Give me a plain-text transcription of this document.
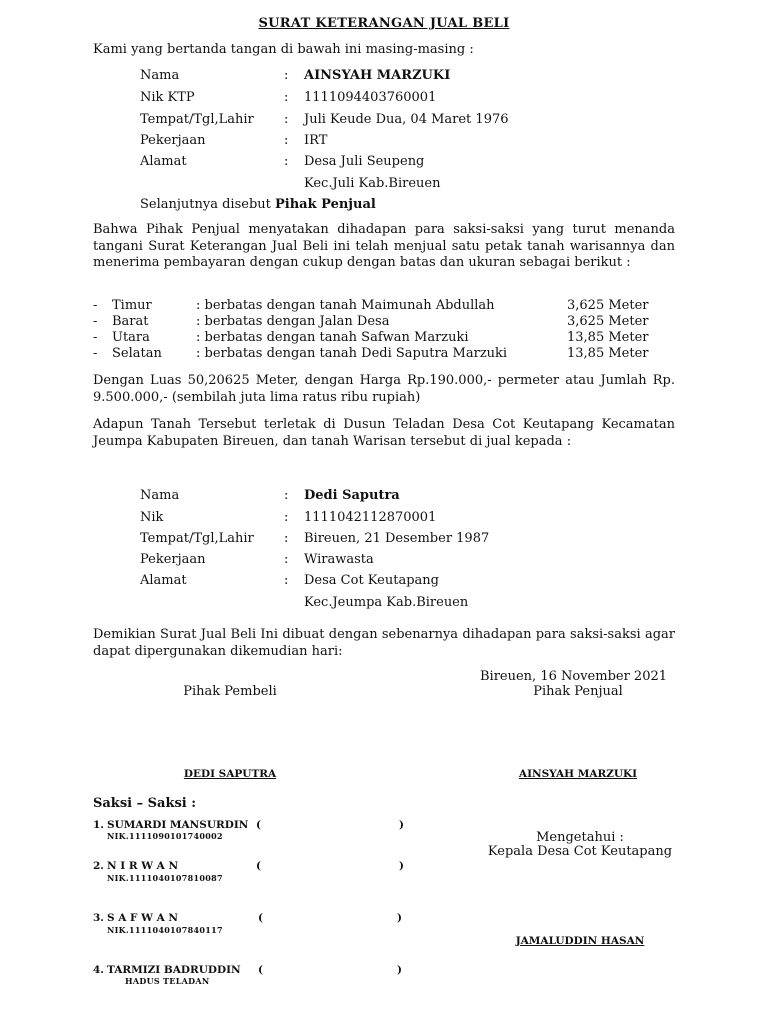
SURAT KETERANGAN JUAL BELI
Kami yang bertanda tangan di bawah ini masing-masing :
Nama	: AINSYAH MARZUKI
Nik KTP	: 1111094403760001
Tempat/Tgl,Lahir : Juli Keude Dua, 04 Maret 1976
Pekerjaan	: IRT
Alamat	: Desa Juli Seupeng
Kec.Juli Kab.Bireuen
Selanjutnya disebut Pihak Penjual
Bahwa Pihak Penjual menyatakan dihadapan para saksi-saksi yang turut menanda tangani Surat Keterangan Jual Beli ini telah menjual satu petak tanah warisannya dan menerima pembayaran dengan cukup dengan batas dan ukuran sebagai berikut :
- Timur	: berbatas dengan tanah Maimunah Abdullah	3,625 Meter
- Barat	: berbatas dengan Jalan Desa	3,625 Meter
- Utara	: berbatas dengan tanah Safwan Marzuki	13,85 Meter
- Selatan	: berbatas dengan tanah Dedi Saputra Marzuki	13,85 Meter
Dengan Luas 50,20625 Meter, dengan Harga Rp.190.000,- permeter atau Jumlah Rp. 9.500.000,- (sembilah juta lima ratus ribu rupiah)
Adapun Tanah Tersebut terletak di Dusun Teladan Desa Cot Keutapang Kecamatan Jeumpa Kabupaten Bireuen, dan tanah Warisan tersebut di jual kepada :
Nama	: Dedi Saputra
Nik	: 1111042112870001
Tempat/Tgl,Lahir : Bireuen, 21 Desember 1987
Pekerjaan	: Wirawasta
Alamat	: Desa Cot Keutapang
Kec.Jeumpa Kab.Bireuen
Demikian Surat Jual Beli Ini dibuat dengan sebenarnya dihadapan para saksi-saksi agar dapat dipergunakan dikemudian hari:
Bireuen, 16 November 2021
Pihak Pembeli	Pihak Penjual
DEDI SAPUTRA	AINSYAH MARZUKI
Saksi – Saksi :
1. SUMARDI MANSURDIN (	)
NIK.1111090101740002
2. N I R W A N	(	)
NIK.1111040107810087
3. S A F W A N	(	)
NIK.1111040107840117
4. TARMIZI BADRUDDIN (	)
HADUS TELADAN
Mengetahui :
Kepala Desa Cot Keutapang
JAMALUDDIN HASAN
